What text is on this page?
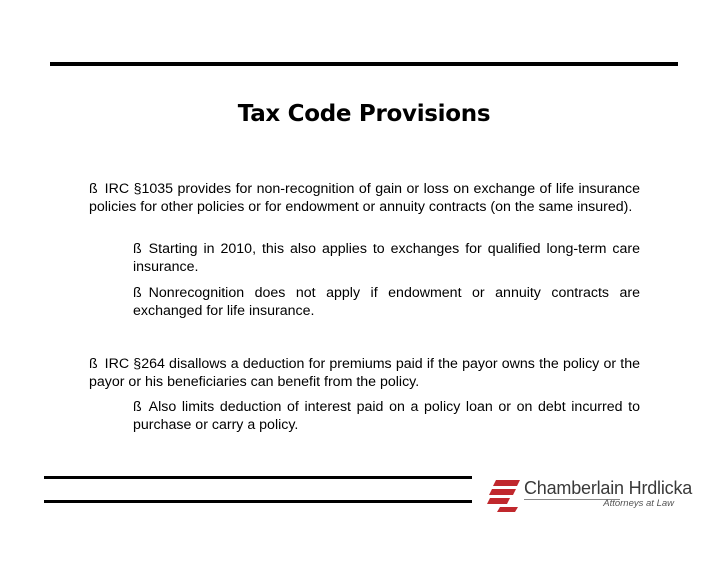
Tax Code Provisions

ß IRC §1035 provides for non-recognition of gain or loss on exchange of life insurance policies for other policies or for endowment or annuity contracts (on the same insured).

ß Starting in 2010, this also applies to exchanges for qualified long-term care insurance.

ß Nonrecognition does not apply if endowment or annuity contracts are exchanged for life insurance.

ß IRC §264 disallows a deduction for premiums paid if the payor owns the policy or the payor or his beneficiaries can benefit from the policy.

ß Also limits deduction of interest paid on a policy loan or on debt incurred to purchase or carry a policy.

Chamberlain Hrdlicka
Attorneys at Law
